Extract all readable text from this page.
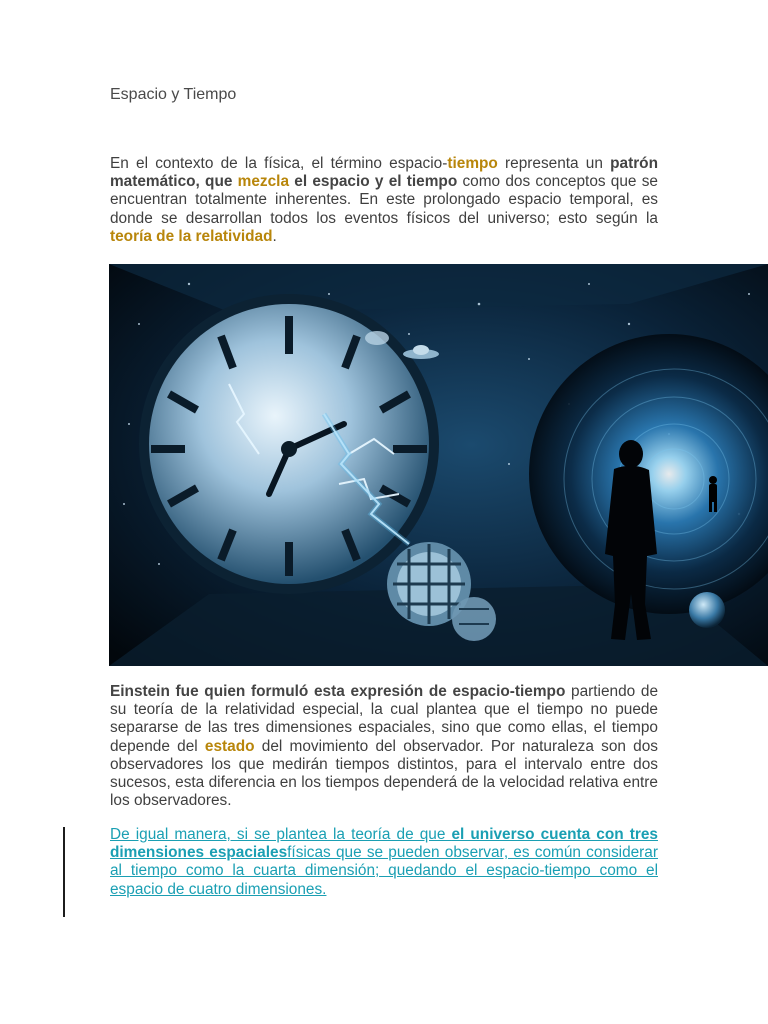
Espacio y Tiempo

En el contexto de la física, el término espacio-tiempo representa un patrón matemático, que mezcla el espacio y el tiempo como dos conceptos que se encuentran totalmente inherentes. En este prolongado espacio temporal, es donde se desarrollan todos los eventos físicos del universo; esto según la teoría de la relatividad.

Einstein fue quien formuló esta expresión de espacio-tiempo partiendo de su teoría de la relatividad especial, la cual plantea que el tiempo no puede separarse de las tres dimensiones espaciales, sino que como ellas, el tiempo depende del estado del movimiento del observador. Por naturaleza son dos observadores los que medirán tiempos distintos, para el intervalo entre dos sucesos, esta diferencia en los tiempos dependerá de la velocidad relativa entre los observadores.

De igual manera, si se plantea la teoría de que el universo cuenta con tres dimensiones espacialesfísicas que se pueden observar, es común considerar al tiempo como la cuarta dimensión; quedando el espacio-tiempo como el espacio de cuatro dimensiones.
